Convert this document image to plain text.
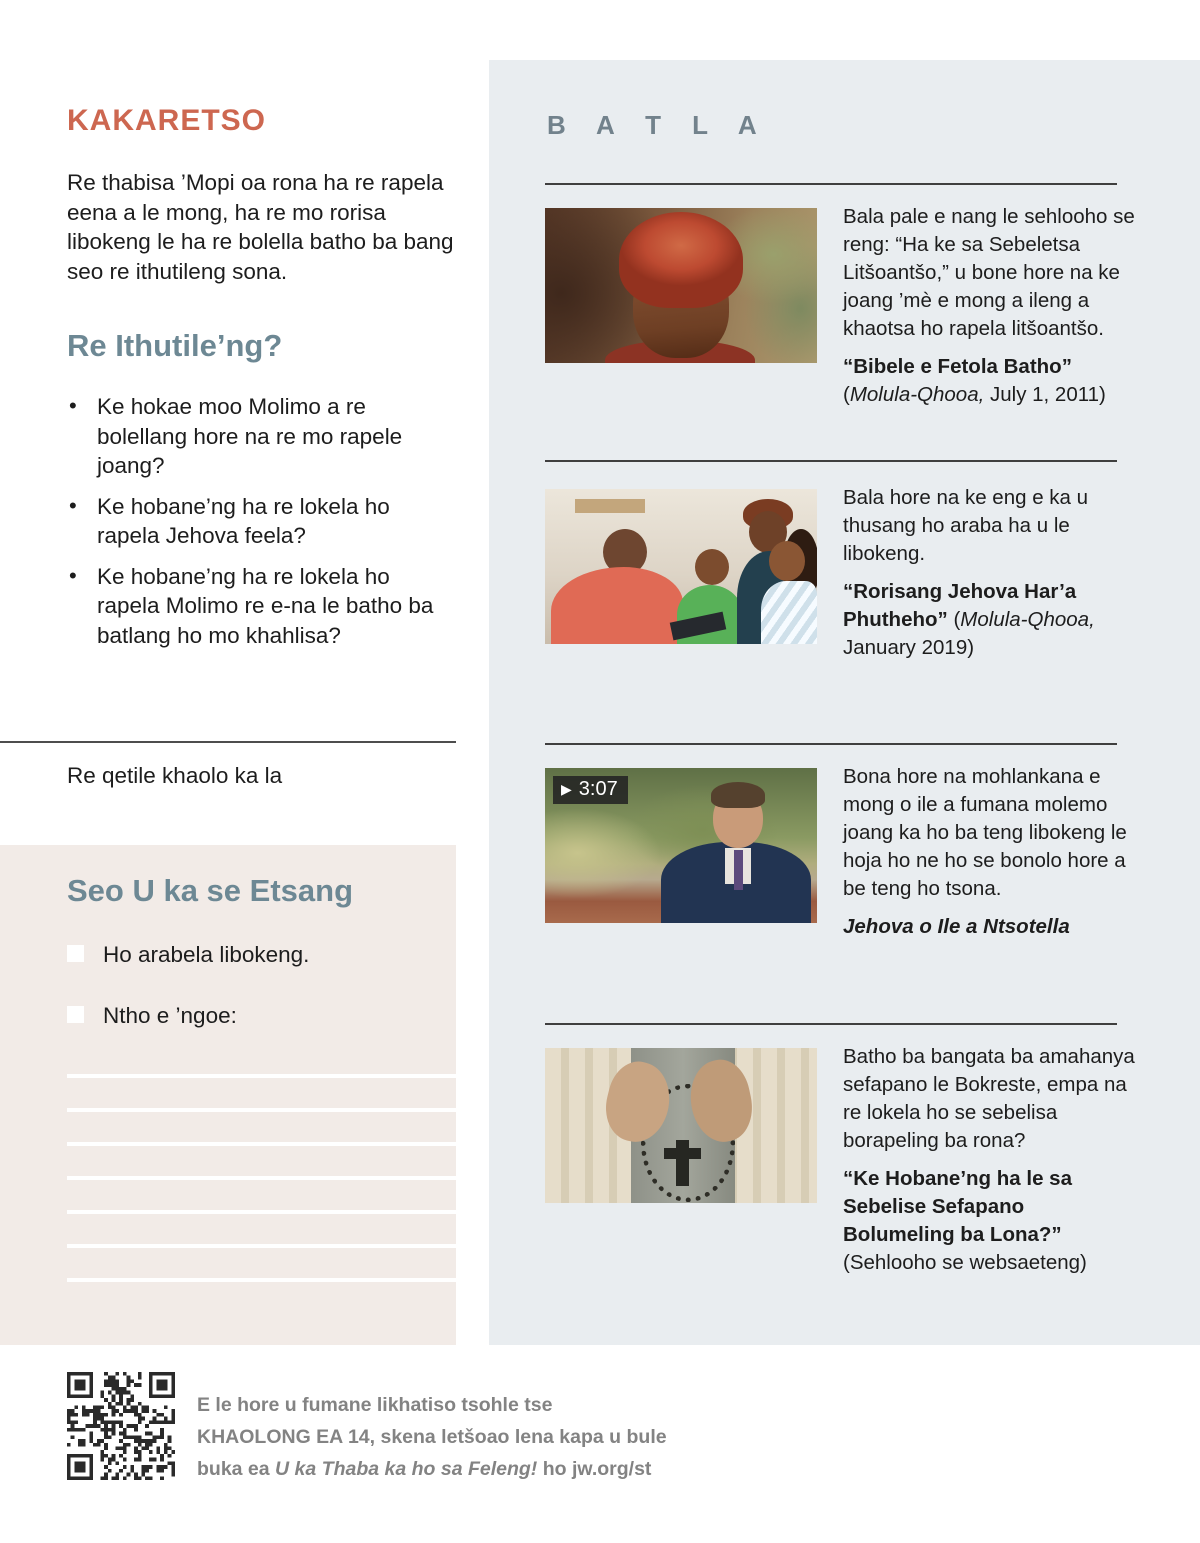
KAKARETSO
Re thabisa ’Mopi oa rona ha re rapela eena a le mong, ha re mo rorisa libokeng le ha re bolella batho ba bang seo re ithutileng sona.
Re Ithutile’ng?
• Ke hokae moo Molimo a re bolellang hore na re mo rapele joang?
• Ke hobane’ng ha re lokela ho rapela Jehova feela?
• Ke hobane’ng ha re lokela ho rapela Molimo re e-na le batho ba batlang ho mo khahlisa?
Re qetile khaolo ka la
Seo U ka se Etsang
Ho arabela libokeng.
Ntho e ’ngoe:
B A T L A

Bala pale e nang le sehlooho se reng: “Ha ke sa Sebeletsa Litšoantšo,” u bone hore na ke joang ’mè e mong a ileng a khaotsa ho rapela litšoantšo.

“Bibele e Fetola Batho”
(Molula-Qhooa, July 1, 2011)

Bala hore na ke eng e ka u thusang ho araba ha u le libokeng.

“Rorisang Jehova Har’a Phutheho” (Molula-Qhooa, January 2019)

▶ 3:07

Bona hore na mohlankana e mong o ile a fumana molemo joang ka ho ba teng libokeng le hoja ho ne ho se bonolo hore a be teng ho tsona.

Jehova o Ile a Ntsotella

Batho ba bangata ba amahanya sefapano le Bokreste, empa na re lokela ho se sebelisa borapeling ba rona?

“Ke Hobane’ng ha le sa Sebelise Sefapano Bolumeling ba Lona?” (Sehlooho se websaeteng)

E le hore u fumane likhatiso tsohle tse
KHAOLONG EA 14, skena letšoao lena kapa u bule
buka ea U ka Thaba ka ho sa Feleng! ho jw.org/st
